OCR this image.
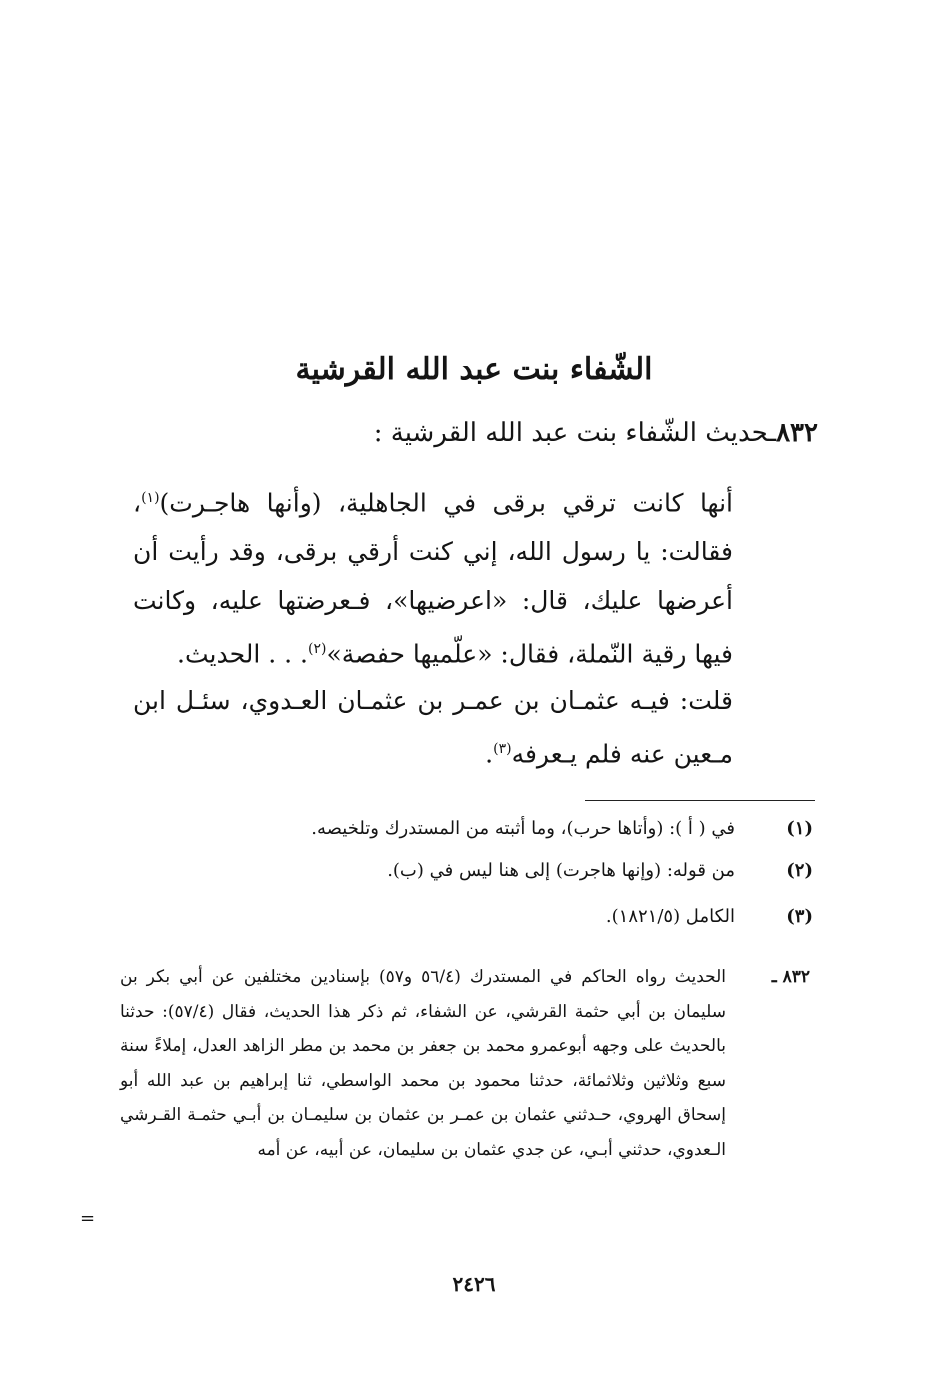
الشّفاء بنت عبد الله القرشية
٨٣٢ـحديث الشّفاء بنت عبد الله القرشية :
أنها كانت ترقي برقى في الجاهلية، (وأنها هاجـرت)$^{(١)}$، فقالت: يا رسول الله، إني كنت أرقي برقى، وقد رأيت أن أعرضها عليك، قال: «اعرضيها»، فـعرضتها عليه، وكانت فيها رقية النّملة، فقال: «علّميها حفصة»$^{(٢)}$. . . الحديث.
قلت: فيـه عثمـان بن عمـر بن عثمـان العـدوي، سئـل ابن مـعين عنه فلم يـعرفه$^{(٣)}$.
(١)في ( أ ): (وأتاها حرب)، وما أثبته من المستدرك وتلخيصه.
(٢)من قوله: (وإنها هاجرت) إلى هنا ليس في (ب).
(٣)الكامل (١٨٢١/٥).
٨٣٢ ـ
الحديث رواه الحاكم في المستدرك (٥٦/٤ و٥٧) بإسنادين مختلفين عن أبي بكر بن سليمان بن أبي حثمة القرشي، عن الشفاء، ثم ذكر هذا الحديث، فقال (٥٧/٤): حدثنا بالحديث على وجهه أبوعمرو محمد بن جعفر بن محمد بن مطر الزاهد العدل، إملاءً سنة سبع وثلاثين وثلاثمائة، حدثنا محمود بن محمد الواسطي، ثنا إبراهيم بن عبد الله أبو إسحاق الهروي، حـدثني عثمان بن عمـر بن عثمان بن سليمـان بن أبـي حثمـة القـرشي الـعدوي، حدثني أبـي، عن جدي عثمان بن سليمان، عن أبيه، عن أمه
=
٢٤٢٦
